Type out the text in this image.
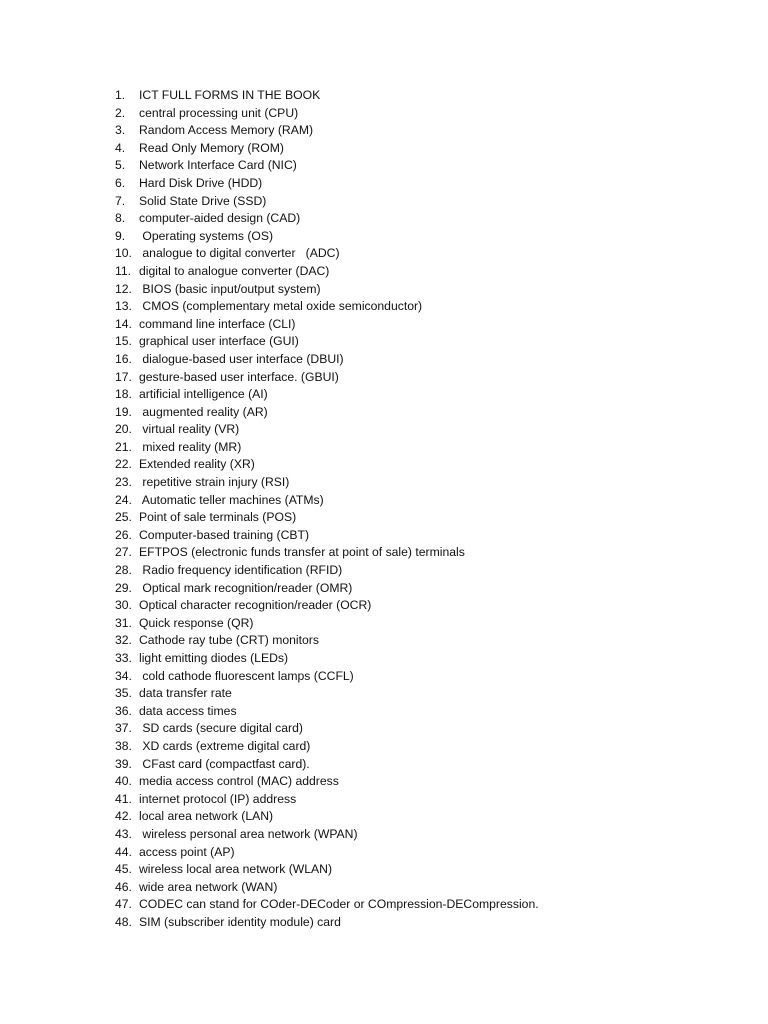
1.	ICT FULL FORMS IN THE BOOK
2.	central processing unit (CPU)
3.	Random Access Memory (RAM)
4.	Read Only Memory (ROM)
5.	Network Interface Card (NIC)
6.	Hard Disk Drive (HDD)
7.	Solid State Drive (SSD)
8.	computer-aided design (CAD)
9.	Operating systems (OS)
10. analogue to digital converter   (ADC)
11. digital to analogue converter (DAC)
12. BIOS (basic input/output system)
13. CMOS (complementary metal oxide semiconductor)
14. command line interface (CLI)
15. graphical user interface (GUI)
16. dialogue-based user interface (DBUI)
17. gesture-based user interface. (GBUI)
18. artificial intelligence (AI)
19. augmented reality (AR)
20. virtual reality (VR)
21. mixed reality (MR)
22. Extended reality (XR)
23. repetitive strain injury (RSI)
24. Automatic teller machines (ATMs)
25. Point of sale terminals (POS)
26. Computer-based training (CBT)
27. EFTPOS (electronic funds transfer at point of sale) terminals
28. Radio frequency identification (RFID)
29. Optical mark recognition/reader (OMR)
30. Optical character recognition/reader (OCR)
31. Quick response (QR)
32. Cathode ray tube (CRT) monitors
33. light emitting diodes (LEDs)
34. cold cathode fluorescent lamps (CCFL)
35. data transfer rate
36. data access times
37. SD cards (secure digital card)
38. XD cards (extreme digital card)
39. CFast card (compactfast card).
40. media access control (MAC) address
41. internet protocol (IP) address
42. local area network (LAN)
43. wireless personal area network (WPAN)
44. access point (AP)
45. wireless local area network (WLAN)
46. wide area network (WAN)
47. CODEC can stand for COder-DECoder or COmpression-DECompression.
48. SIM (subscriber identity module) card
